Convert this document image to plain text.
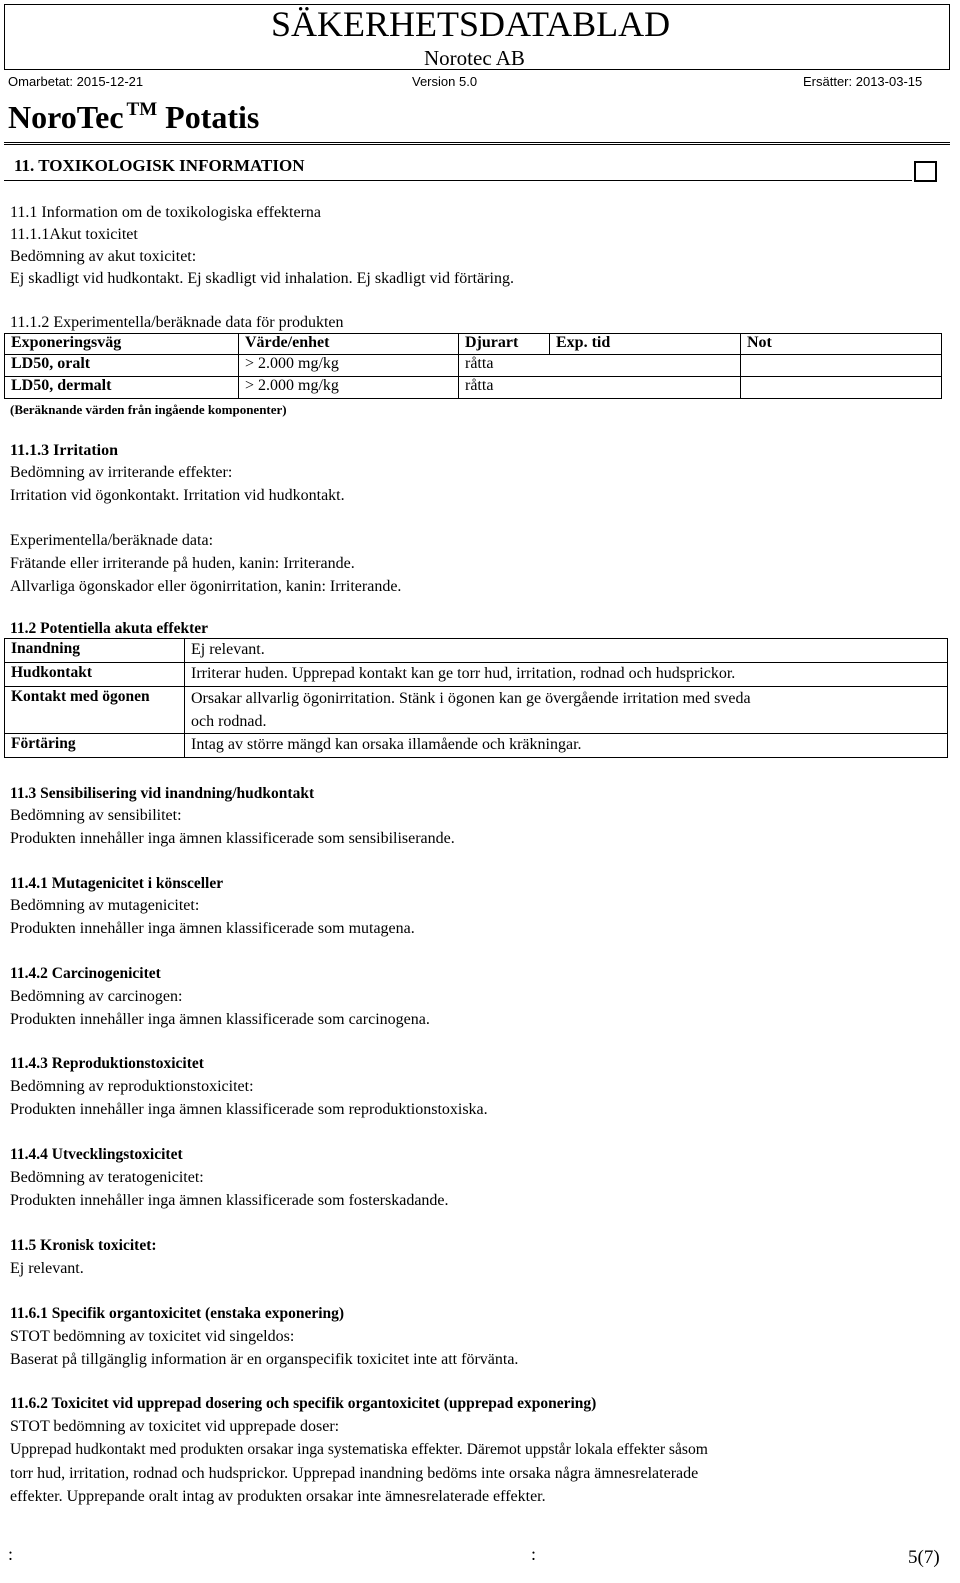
SÄKERHETSDATABLAD
Norotec AB
Omarbetat: 2015-12-21	Version 5.0	Ersätter: 2013-03-15
NoroTec ™ Potatis
11. TOXIKOLOGISK INFORMATION
11.1 Information om de toxikologiska effekterna
11.1.1Akut toxicitet
Bedömning av akut toxicitet:
Ej skadligt vid hudkontakt. Ej skadligt vid inhalation. Ej skadligt vid förtäring.
11.1.2 Experimentella/beräknade data för produkten
Exponeringsväg	Värde/enhet	Djurart	Exp. tid	Not
LD50, oralt	> 2.000 mg/kg	råtta		
LD50, dermalt	> 2.000 mg/kg	råtta		
(Beräknande värden från ingående komponenter)
11.1.3 Irritation
Bedömning av irriterande effekter:
Irritation vid ögonkontakt. Irritation vid hudkontakt.
Experimentella/beräknade data:
Frätande eller irriterande på huden, kanin: Irriterande.
Allvarliga ögonskador eller ögonirritation, kanin: Irriterande.
11.2 Potentiella akuta effekter
Inandning	Ej relevant.
Hudkontakt	Irriterar huden. Upprepad kontakt kan ge torr hud, irritation, rodnad och hudsprickor.
Kontakt med ögonen	Orsakar allvarlig ögonirritation. Stänk i ögonen kan ge övergående irritation med sveda
och rodnad.

Förtäring	Intag av större mängd kan orsaka illamående och kräkningar.
11.3 Sensibilisering vid inandning/hudkontakt
Bedömning av sensibilitet:
Produkten innehåller inga ämnen klassificerade som sensibiliserande.
11.4.1 Mutagenicitet i könsceller
Bedömning av mutagenicitet:
Produkten innehåller inga ämnen klassificerade som mutagena.
11.4.2 Carcinogenicitet
Bedömning av carcinogen:
Produkten innehåller inga ämnen klassificerade som carcinogena.
11.4.3 Reproduktionstoxicitet
Bedömning av reproduktionstoxicitet:
Produkten innehåller inga ämnen klassificerade som reproduktionstoxiska.
11.4.4 Utvecklingstoxicitet
Bedömning av teratogenicitet:
Produkten innehåller inga ämnen klassificerade som fosterskadande.
11.5 Kronisk toxicitet:
Ej relevant.
11.6.1 Specifik organtoxicitet (enstaka exponering)
STOT bedömning av toxicitet vid singeldos:
Baserat på tillgänglig information är en organspecifik toxicitet inte att förvänta.
11.6.2 Toxicitet vid upprepad dosering och specifik organtoxicitet (upprepad exponering)
STOT bedömning av toxicitet vid upprepade doser:
Upprepad hudkontakt med produkten orsakar inga systematiska effekter. Däremot uppstår lokala effekter såsom
torr hud, irritation, rodnad och hudsprickor. Upprepad inandning bedöms inte orsaka några ämnesrelaterade
effekter. Upprepande oralt intag av produkten orsakar inte ämnesrelaterade effekter.
:	:	5(7)
